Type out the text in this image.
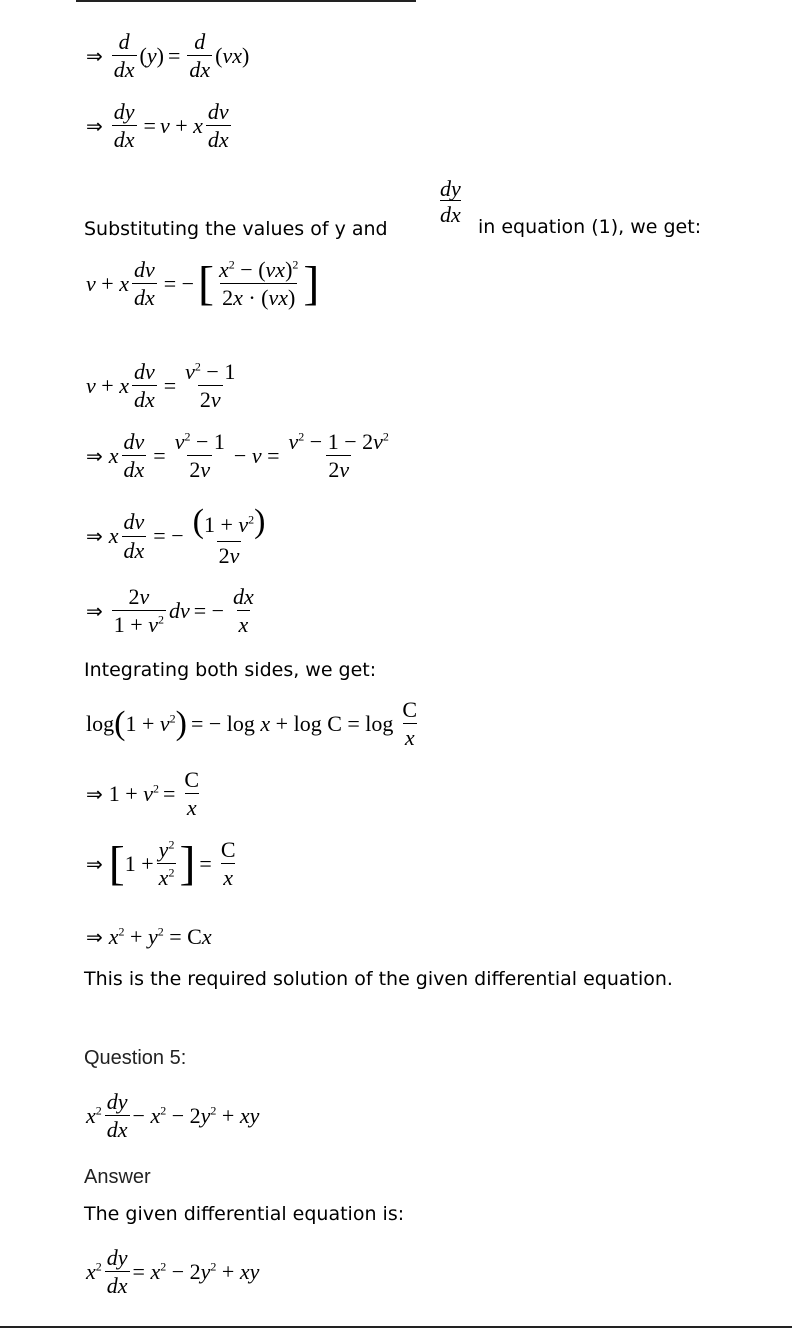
⇒ $\frac{d}{dx} (y) = \frac{d}{dx} (vx)$
⇒ $\frac{dy}{dx} = v + x \frac{dv}{dx}$
$\frac{dy}{dx}$
Substituting the values of y and	in equation (1), we get:
v + x $\frac{dv}{dx}$ = − [ $\frac{x^2 - (vx)^2}{2x \cdot (vx)}$ ]
v + x $\frac{dv}{dx} = \frac{v^2 - 1}{2v}$
⇒ x $\frac{dv}{dx} = \frac{v^2 - 1}{2v} - v = \frac{v^2 - 1 - 2v^2}{2v}$
⇒ x $\frac{dv}{dx}$ = − $\frac{(1 + v^2)}{2v}$
⇒ $\frac{2v}{1 + v^2}$ dv = − $\frac{dx}{x}$
Integrating both sides, we get:
log ( $1 + v^2$ ) = − $\log x + \log C = \log \frac{C}{x}$
⇒ $1 + v^2 = \frac{C}{x}$
⇒ [ $1 + \frac{y^2}{x^2}$ ] = $\frac{C}{x}$
⇒ $x^2 + y^2 = Cx$
This is the required solution of the given differential equation.
Question 5:
$x^2 \frac{dy}{dx} - x^2 - 2y^2$ + xy
Answer
The given differential equation is:
$x^2 \frac{dy}{dx} = x^2 - 2y^2$ + xy
